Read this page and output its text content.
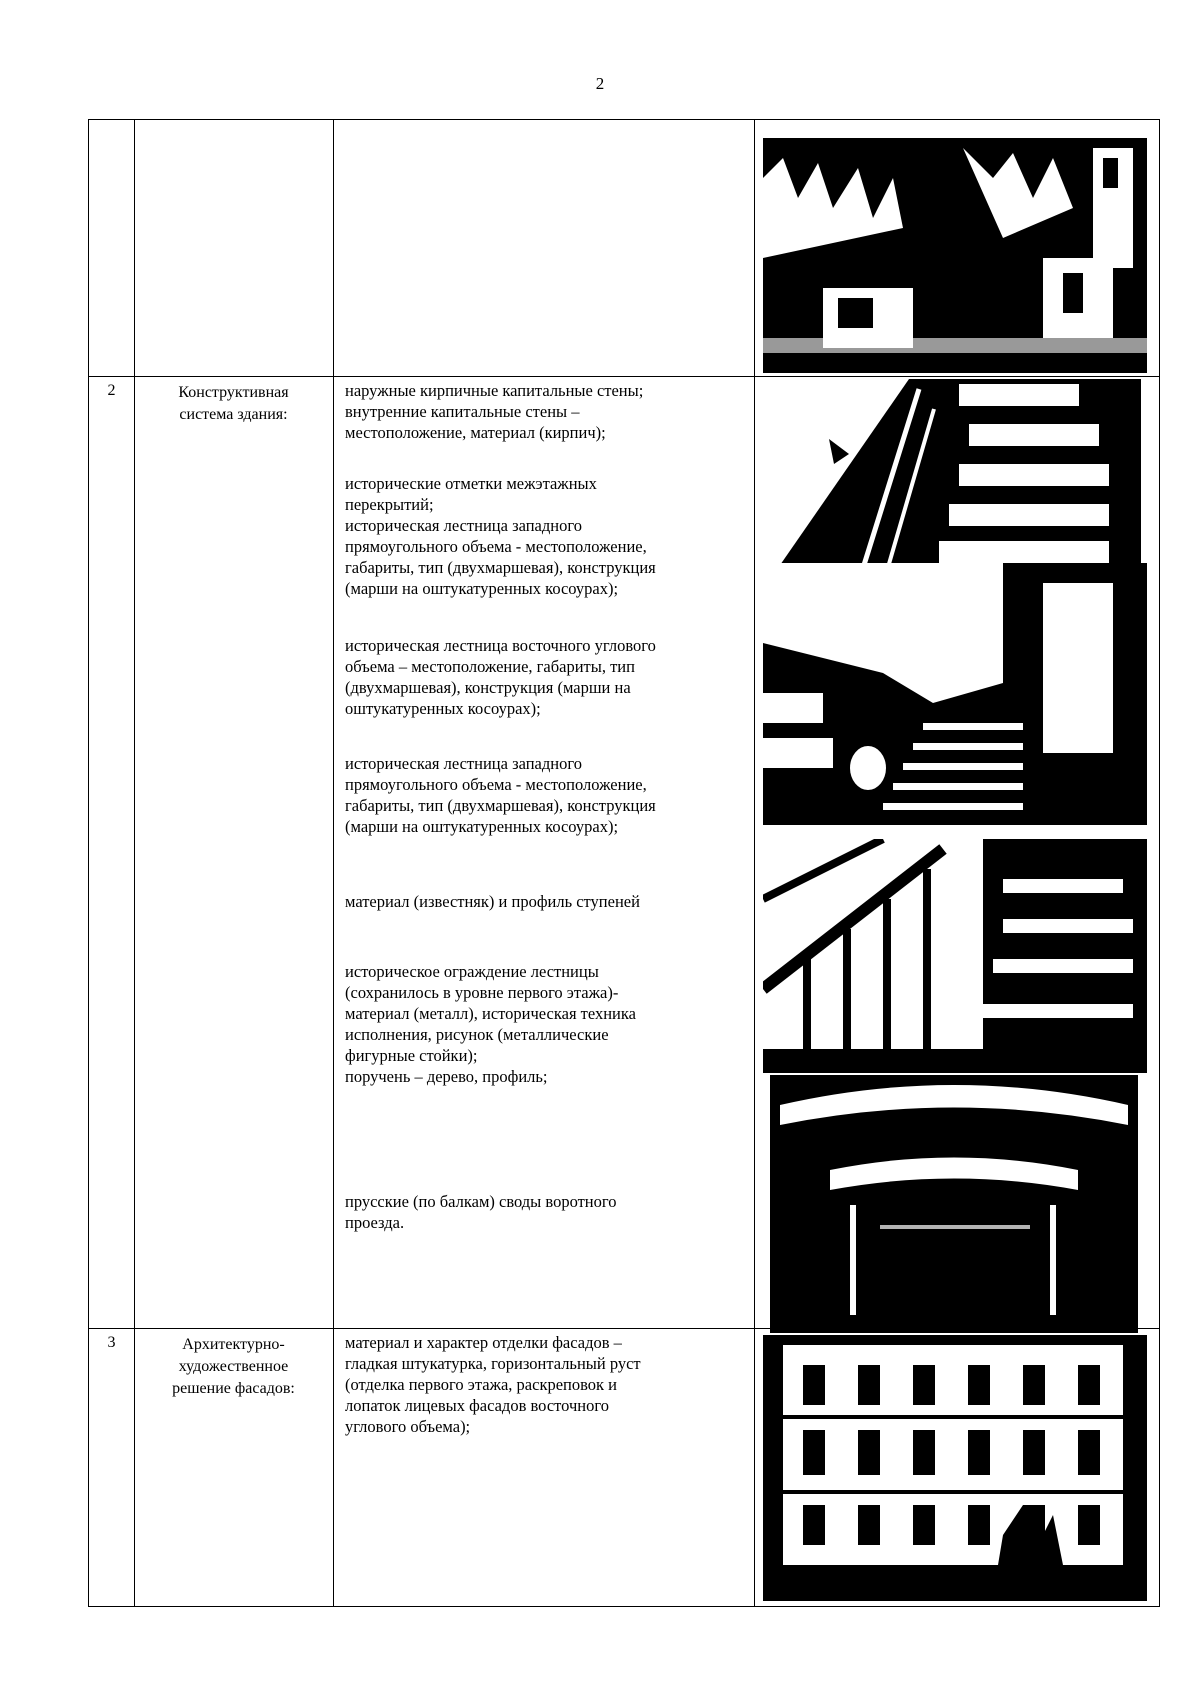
2
2	Конструктивная
система здания:
наружные кирпичные капитальные стены;
внутренние капитальные стены –
местоположение, материал (кирпич);
исторические отметки межэтажных
перекрытий;
историческая лестница западного
прямоугольного объема - местоположение,
габариты, тип (двухмаршевая), конструкция
(марши на оштукатуренных косоурах);
историческая лестница восточного углового
объема – местоположение, габариты, тип
(двухмаршевая), конструкция (марши на
оштукатуренных косоурах);
историческая лестница западного
прямоугольного объема - местоположение,
габариты, тип (двухмаршевая), конструкция
(марши на оштукатуренных косоурах);
материал (известняк) и профиль ступеней
историческое ограждение лестницы
(сохранилось в уровне первого этажа)-
материал (металл), историческая техника
исполнения, рисунок (металлические
фигурные стойки);
поручень – дерево, профиль;
прусские (по балкам) своды воротного
проезда.
3	Архитектурно-
художественное
решение фасадов:
материал и характер отделки фасадов –
гладкая штукатурка, горизонтальный руст
(отделка первого этажа, раскреповок и
лопаток лицевых фасадов восточного
углового объема);
